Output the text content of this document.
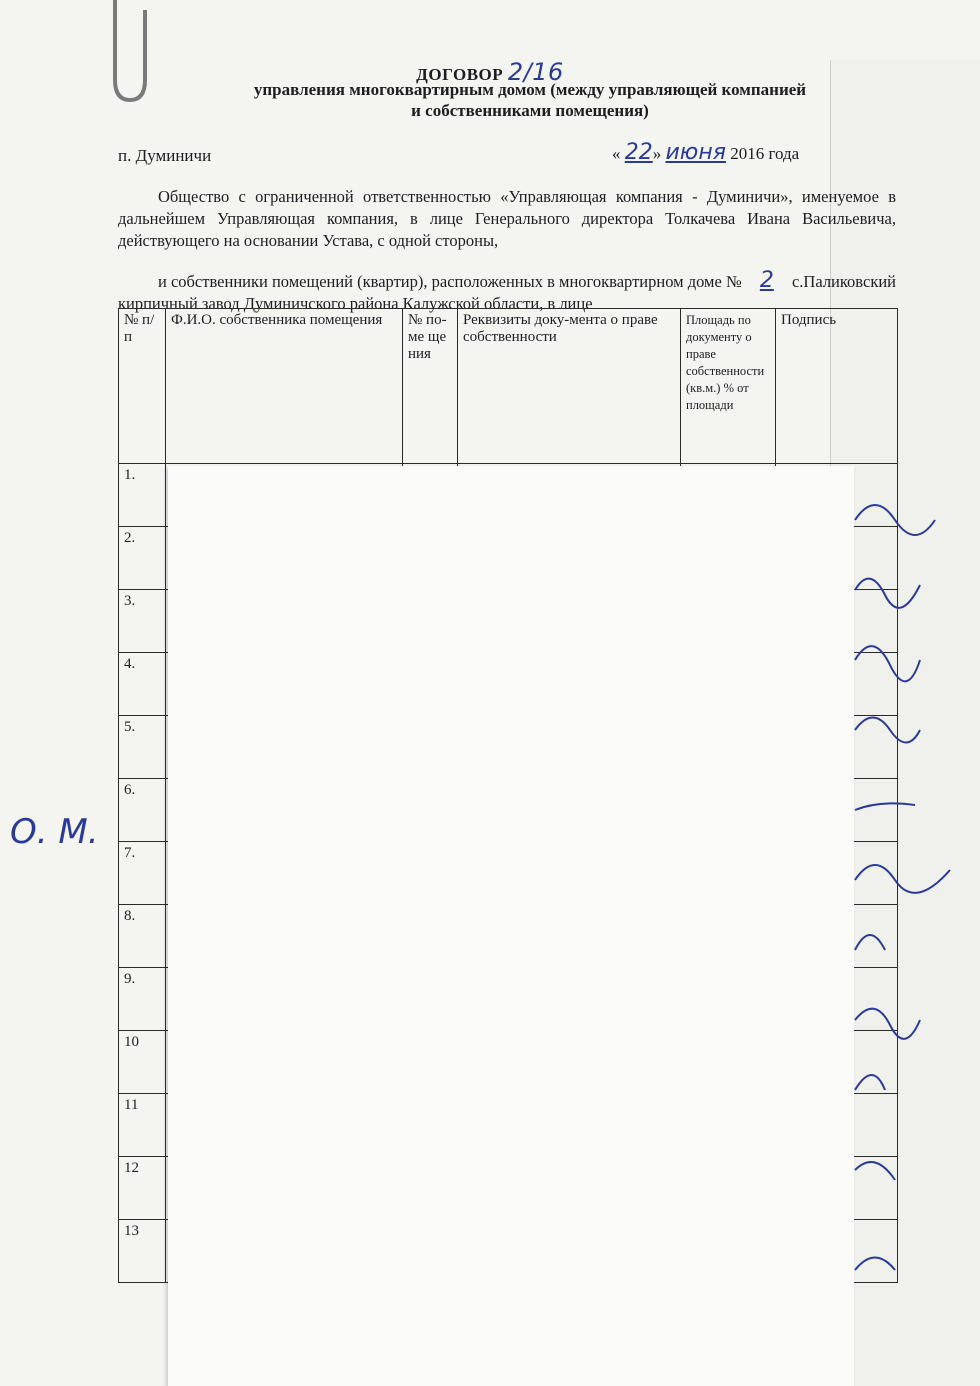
ДОГОВОР 2/16
управления многоквартирным домом (между управляющей компанией
и собственниками помещения)
п. Думиничи	« 22» июня 2016 года
Общество с ограниченной ответственностью «Управляющая компания - Думиничи», именуемое в дальнейшем Управляющая компания, в лице Генерального директора Толкачева Ивана Васильевича, действующего на основании Устава, с одной стороны,
и собственники помещений (квартир), расположенных в многоквартирном доме № 2 с.Паликовский кирпичный завод Думиничского района Калужской области, в лице
№ п/п	Ф.И.О. собственника помещения	№ по-ме ще ния	Реквизиты доку-мента о праве собственности	Площадь по документу о праве собственности (кв.м.) % от площади	Подпись
1.					
2.					
3.					
4.					
5.					
6.					
7.					
8.					
9.					
10					
11					
12					
13					
О. М.
